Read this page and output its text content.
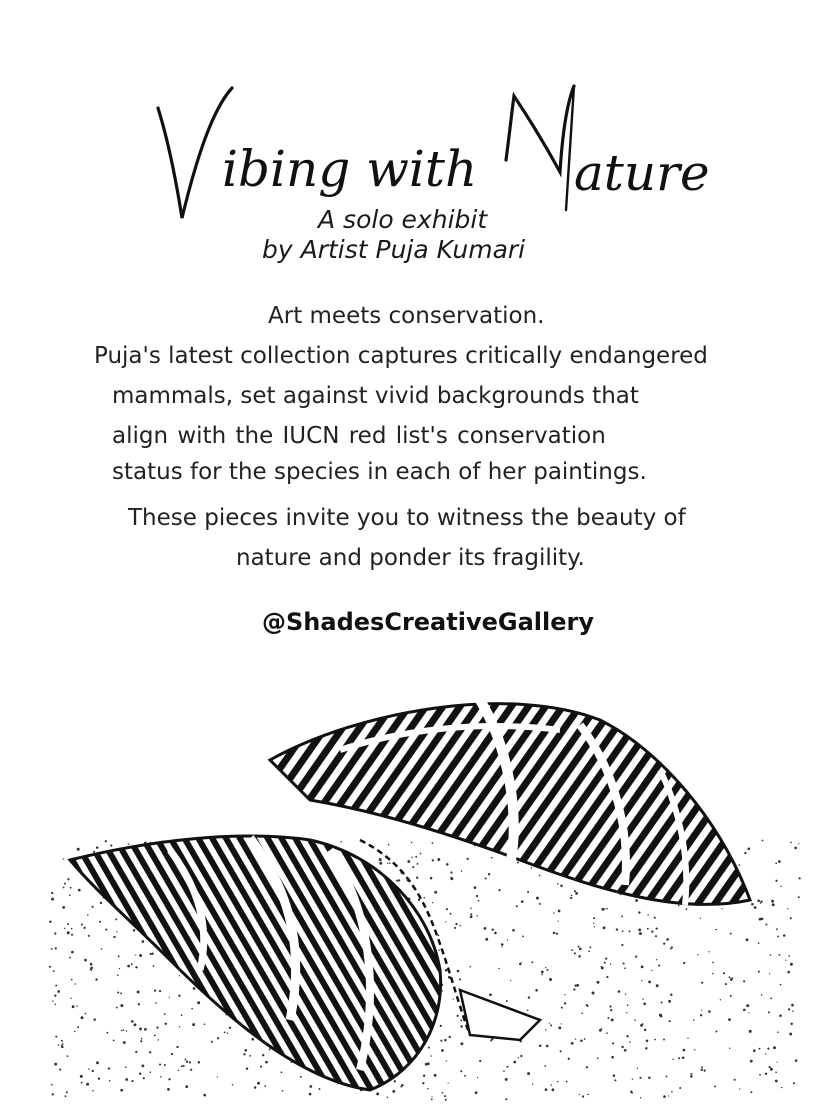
ibing with ature
A solo exhibit
by Artist Puja Kumari
Art meets conservation.
Puja's latest collection captures critically endangered
mammals, set against vivid backgrounds that
align with the IUCN red list's conservation
status for the species in each of her paintings.
These pieces invite you to witness the beauty of
nature and ponder its fragility.
@ShadesCreativeGallery
